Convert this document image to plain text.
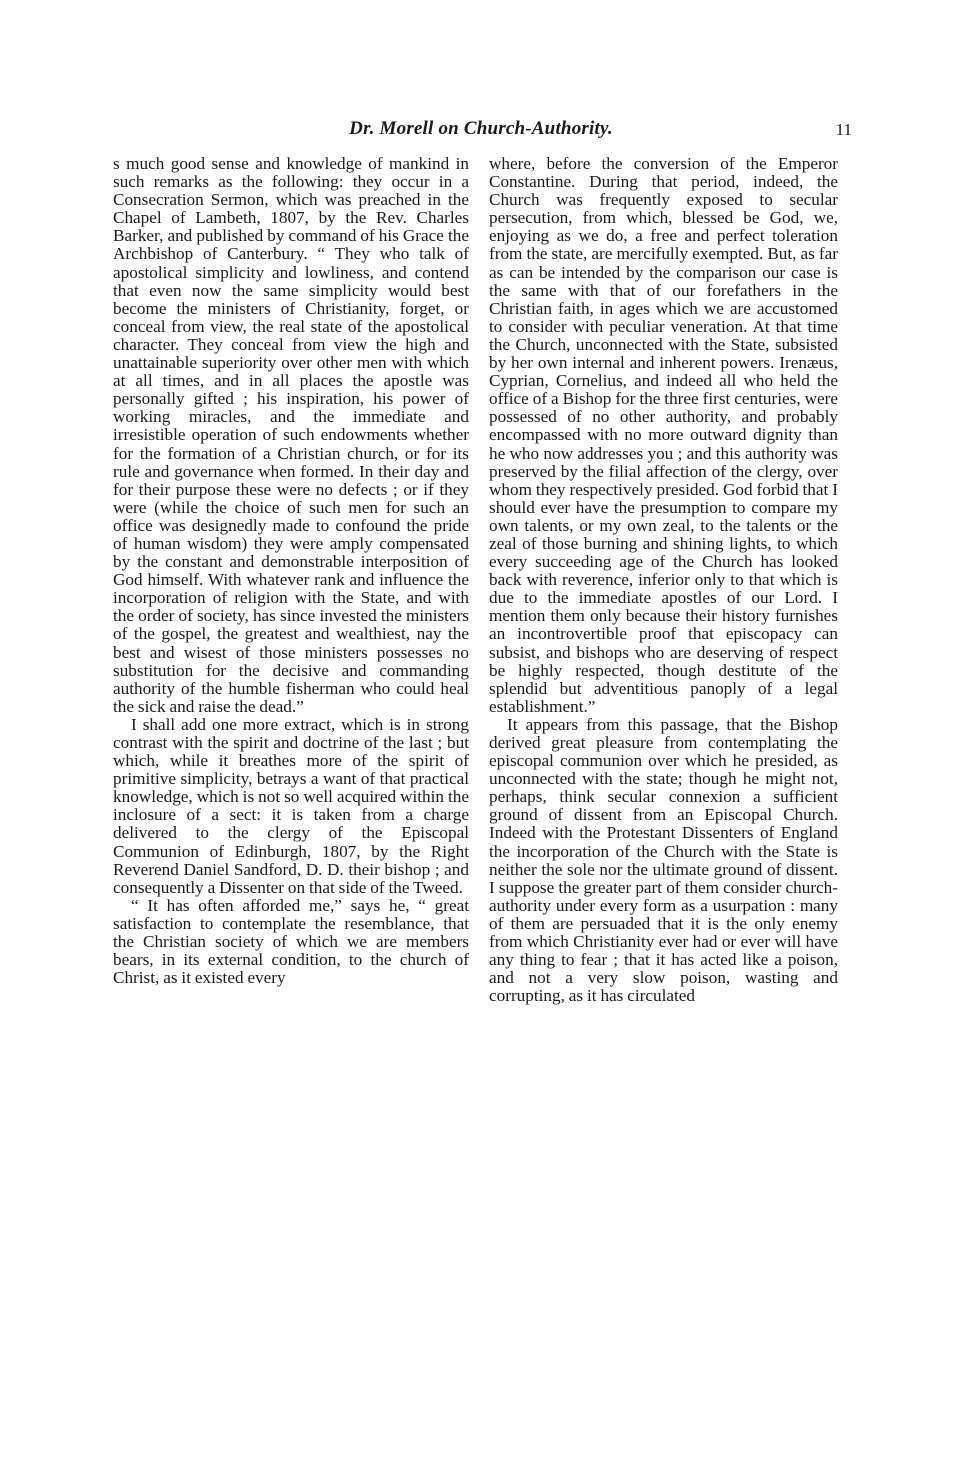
Dr. Morell on Church-Authority.	11

s much good sense and knowledge of mankind in such remarks as the following: they occur in a Consecration Sermon, which was preached in the Chapel of Lambeth, 1807, by the Rev. Charles Barker, and published by command of his Grace the Archbishop of Canterbury. “ They who talk of apostolical simplicity and lowliness, and contend that even now the same simplicity would best become the ministers of Christianity, forget, or conceal from view, the real state of the apostolical character. They conceal from view the high and unattainable superiority over other men with which at all times, and in all places the apostle was personally gifted ; his inspiration, his power of working miracles, and the immediate and irresistible operation of such endowments whether for the formation of a Christian church, or for its rule and governance when formed. In their day and for their purpose these were no defects ; or if they were (while the choice of such men for such an office was designedly made to confound the pride of human wisdom) they were amply compensated by the constant and demonstrable interposition of God himself. With whatever rank and influence the incorporation of religion with the State, and with the order of society, has since invested the ministers of the gospel, the greatest and wealthiest, nay the best and wisest of those ministers possesses no substitution for the decisive and commanding authority of the humble fisherman who could heal the sick and raise the dead.”

I shall add one more extract, which is in strong contrast with the spirit and doctrine of the last ; but which, while it breathes more of the spirit of primitive simplicity, betrays a want of that practical knowledge, which is not so well acquired within the inclosure of a sect: it is taken from a charge delivered to the clergy of the Episcopal Communion of Edinburgh, 1807, by the Right Reverend Daniel Sandford, D. D. their bishop ; and consequently a Dissenter on that side of the Tweed.

“ It has often afforded me,” says he, “ great satisfaction to contemplate the resemblance, that the Christian society of which we are members bears, in its external condition, to the church of Christ, as it existed every

where, before the conversion of the Emperor Constantine. During that period, indeed, the Church was frequently exposed to secular persecution, from which, blessed be God, we, enjoying as we do, a free and perfect toleration from the state, are mercifully exempted. But, as far as can be intended by the comparison our case is the same with that of our forefathers in the Christian faith, in ages which we are accustomed to consider with peculiar veneration. At that time the Church, unconnected with the State, subsisted by her own internal and inherent powers. Irenæus, Cyprian, Cornelius, and indeed all who held the office of a Bishop for the three first centuries, were possessed of no other authority, and probably encompassed with no more outward dignity than he who now addresses you ; and this authority was preserved by the filial affection of the clergy, over whom they respectively presided. God forbid that I should ever have the presumption to compare my own talents, or my own zeal, to the talents or the zeal of those burning and shining lights, to which every succeeding age of the Church has looked back with reverence, inferior only to that which is due to the immediate apostles of our Lord. I mention them only because their history furnishes an incontrovertible proof that episcopacy can subsist, and bishops who are deserving of respect be highly respected, though destitute of the splendid but adventitious panoply of a legal establishment.”

It appears from this passage, that the Bishop derived great pleasure from contemplating the episcopal communion over which he presided, as unconnected with the state; though he might not, perhaps, think secular connexion a sufficient ground of dissent from an Episcopal Church. Indeed with the Protestant Dissenters of England the incorporation of the Church with the State is neither the sole nor the ultimate ground of dissent. I suppose the greater part of them consider church-authority under every form as a usurpation : many of them are persuaded that it is the only enemy from which Christianity ever had or ever will have any thing to fear ; that it has acted like a poison, and not a very slow poison, wasting and corrupting, as it has circulated
